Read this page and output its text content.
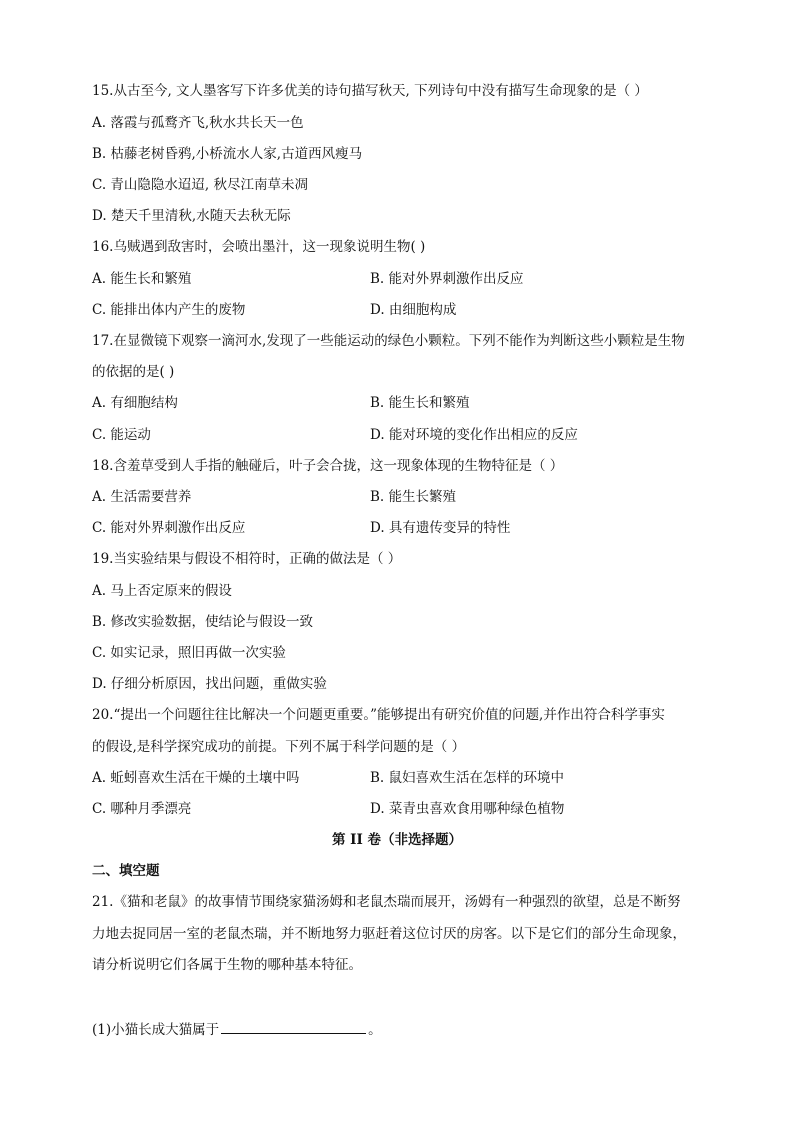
15.从古至今, 文人墨客写下许多优美的诗句描写秋天, 下列诗句中没有描写生命现象的是（ ）
A. 落霞与孤鹜齐飞,秋水共长天一色
B. 枯藤老树昏鸦,小桥流水人家,古道西风瘦马
C. 青山隐隐水迢迢, 秋尽江南草未凋
D. 楚天千里清秋,水随天去秋无际
16.乌贼遇到敌害时，会喷出墨汁，这一现象说明生物( )
A. 能生长和繁殖	B. 能对外界刺激作出反应
C. 能排出体内产生的废物	D. 由细胞构成
17.在显微镜下观察一滴河水,发现了一些能运动的绿色小颗粒。下列不能作为判断这些小颗粒是生物
的依据的是( )
A. 有细胞结构	B. 能生长和繁殖
C. 能运动	D. 能对环境的变化作出相应的反应
18.含羞草受到人手指的触碰后，叶子会合拢，这一现象体现的生物特征是（ ）
A. 生活需要营养	B. 能生长繁殖
C. 能对外界刺激作出反应	D. 具有遗传变异的特性
19.当实验结果与假设不相符时，正确的做法是（ ）
A. 马上否定原来的假设
B. 修改实验数据，使结论与假设一致
C. 如实记录，照旧再做一次实验
D. 仔细分析原因，找出问题，重做实验
20.“提出一个问题往往比解决一个问题更重要。”能够提出有研究价值的问题,并作出符合科学事实
的假设,是科学探究成功的前提。下列不属于科学问题的是（ ）
A. 蚯蚓喜欢生活在干燥的土壤中吗	B. 鼠妇喜欢生活在怎样的环境中
C. 哪种月季漂亮	D. 菜青虫喜欢食用哪种绿色植物
第 II 卷（非选择题）
二、填空题
21.《猫和老鼠》的故事情节围绕家猫汤姆和老鼠杰瑞而展开，汤姆有一种强烈的欲望，总是不断努
力地去捉同居一室的老鼠杰瑞，并不断地努力驱赶着这位讨厌的房客。以下是它们的部分生命现象，
请分析说明它们各属于生物的哪种基本特征。
(1)小猫长成大猫属于	。
